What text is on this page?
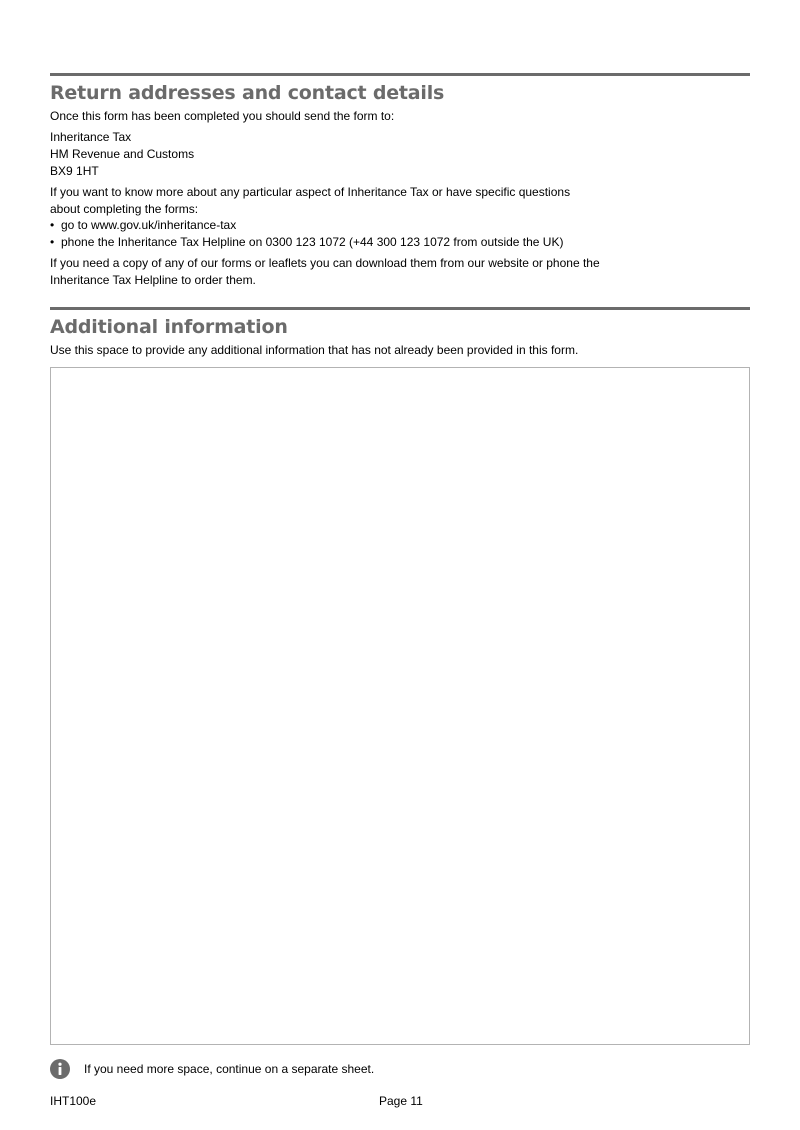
Return addresses and contact details

Once this form has been completed you should send the form to:

Inheritance Tax

HM Revenue and Customs

BX9 1HT

If you want to know more about any particular aspect of Inheritance Tax or have specific questions

about completing the forms:

• go to www.gov.uk/inheritance-tax
• phone the Inheritance Tax Helpline on 0300 123 1072 (+44 300 123 1072 from outside the UK)

If you need a copy of any of our forms or leaflets you can download them from our website or phone the

Inheritance Tax Helpline to order them.

Additional information

Use this space to provide any additional information that has not already been provided in this form.

If you need more space, continue on a separate sheet.
IHT100e	Page 11
